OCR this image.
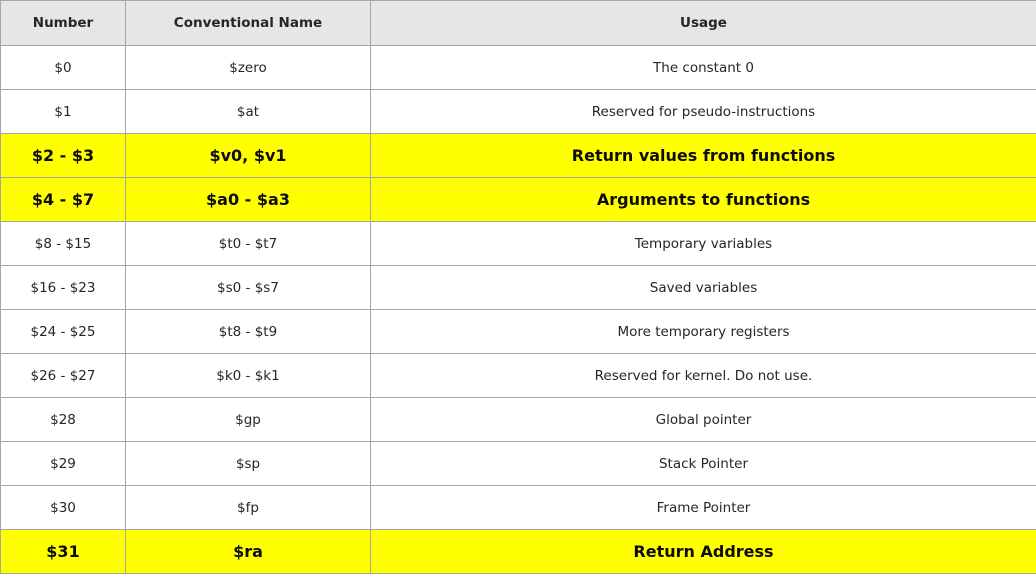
Number	Conventional Name	Usage
$0	$zero	The constant 0
$1	$at	Reserved for pseudo-instructions
$2 - $3	$v0, $v1	Return values from functions
$4 - $7	$a0 - $a3	Arguments to functions
$8 - $15	$t0 - $t7	Temporary variables
$16 - $23	$s0 - $s7	Saved variables
$24 - $25	$t8 - $t9	More temporary registers
$26 - $27	$k0 - $k1	Reserved for kernel. Do not use.
$28	$gp	Global pointer
$29	$sp	Stack Pointer
$30	$fp	Frame Pointer
$31	$ra	Return Address
